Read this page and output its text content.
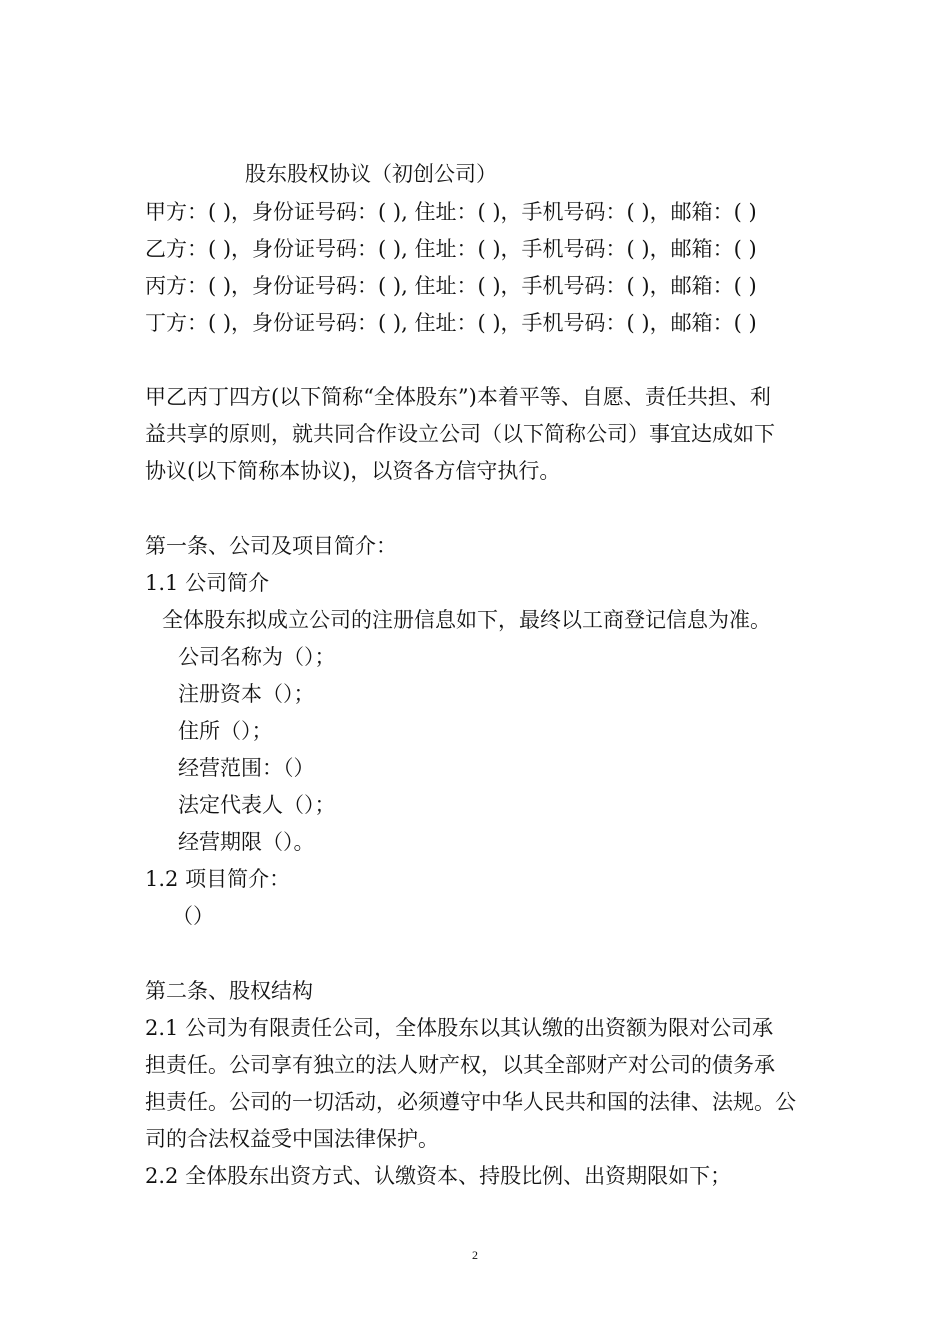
股东股权协议（初创公司）
甲方：( )，身份证号码：( ), 住址：( )，手机号码：( )，邮箱：( )
乙方：( )，身份证号码：( ), 住址：( )，手机号码：( )，邮箱：( )
丙方：( )，身份证号码：( ), 住址：( )，手机号码：( )，邮箱：( )
丁方：( )，身份证号码：( ), 住址：( )，手机号码：( )，邮箱：( )
甲乙丙丁四方(以下简称“全体股东”)本着平等、自愿、责任共担、利
益共享的原则，就共同合作设立公司（以下简称公司）事宜达成如下
协议(以下简称本协议)，以资各方信守执行。
第一条、公司及项目简介：
1.1 公司简介
全体股东拟成立公司的注册信息如下，最终以工商登记信息为准。
公司名称为（）；
注册资本（）；
住所（）；
经营范围：（）
法定代表人（）；
经营期限（）。
1.2 项目简介：
（）
第二条、股权结构
2.1 公司为有限责任公司，全体股东以其认缴的出资额为限对公司承
担责任。公司享有独立的法人财产权，以其全部财产对公司的债务承
担责任。公司的一切活动，必须遵守中华人民共和国的法律、法规。公
司的合法权益受中国法律保护。
2.2 全体股东出资方式、认缴资本、持股比例、出资期限如下；
2
